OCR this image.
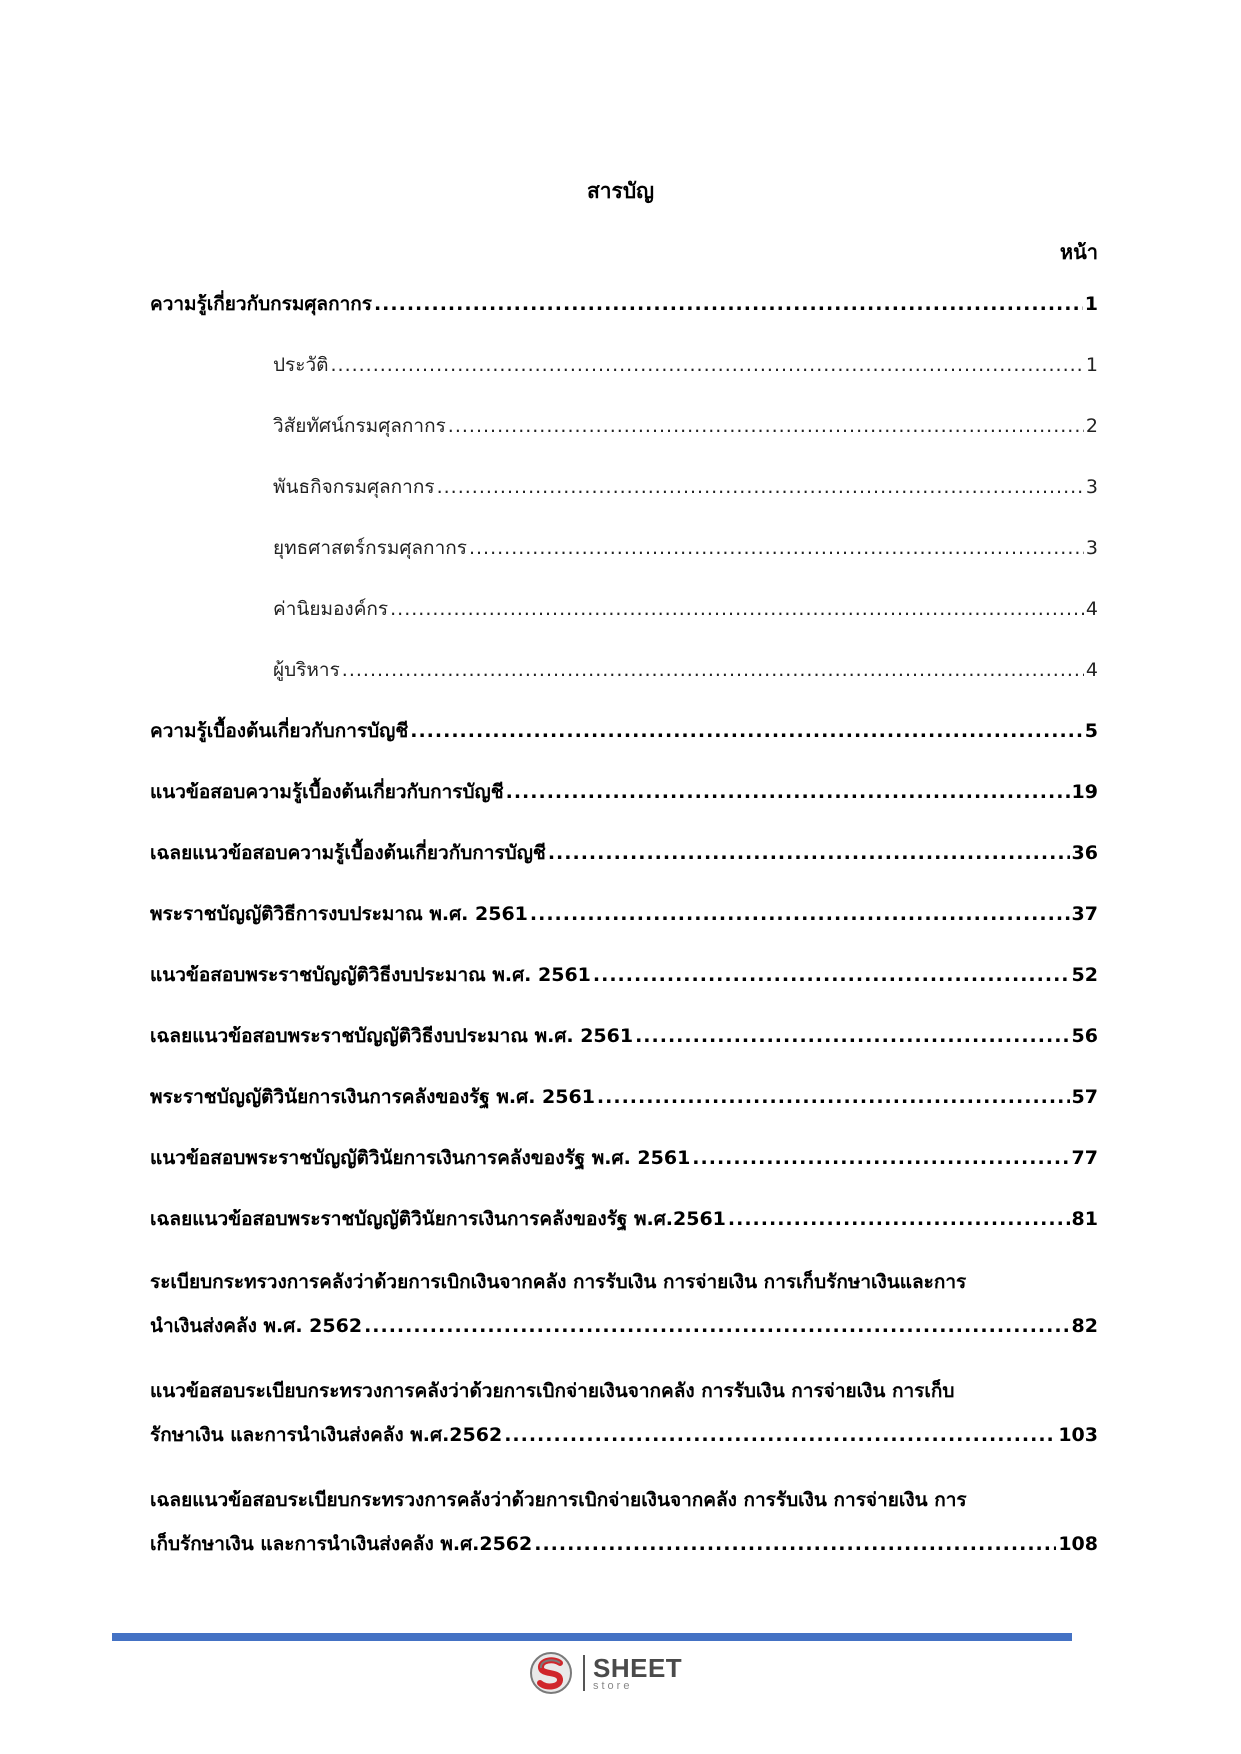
สารบัญ
หน้า
ความรู้เกี่ยวกับกรมศุลกากร .....	1
ประวัติ .....	1
วิสัยทัศน์กรมศุลกากร .....	2
พันธกิจกรมศุลกากร .....	3
ยุทธศาสตร์กรมศุลกากร .....	3
ค่านิยมองค์กร .....	4
ผู้บริหาร .....	4
ความรู้เบื้องต้นเกี่ยวกับการบัญชี .....	5
แนวข้อสอบความรู้เบื้องต้นเกี่ยวกับการบัญชี .....	19
เฉลยแนวข้อสอบความรู้เบื้องต้นเกี่ยวกับการบัญชี .....	36
พระราชบัญญัติวิธีการงบประมาณ พ.ศ. 2561 .....	37
แนวข้อสอบพระราชบัญญัติวิธีงบประมาณ พ.ศ. 2561 .....	52
เฉลยแนวข้อสอบพระราชบัญญัติวิธีงบประมาณ พ.ศ. 2561 .....	56
พระราชบัญญัติวินัยการเงินการคลังของรัฐ พ.ศ. 2561 .....	57
แนวข้อสอบพระราชบัญญัติวินัยการเงินการคลังของรัฐ พ.ศ. 2561 .....	77
เฉลยแนวข้อสอบพระราชบัญญัติวินัยการเงินการคลังของรัฐ พ.ศ.2561 .....	81
ระเบียบกระทรวงการคลังว่าด้วยการเบิกเงินจากคลัง การรับเงิน การจ่ายเงิน การเก็บรักษาเงินและการ
นำเงินส่งคลัง พ.ศ. 2562 .....	82
แนวข้อสอบระเบียบกระทรวงการคลังว่าด้วยการเบิกจ่ายเงินจากคลัง การรับเงิน การจ่ายเงิน การเก็บ
รักษาเงิน และการนำเงินส่งคลัง พ.ศ.2562 .....	103
เฉลยแนวข้อสอบระเบียบกระทรวงการคลังว่าด้วยการเบิกจ่ายเงินจากคลัง การรับเงิน การจ่ายเงิน การ
เก็บรักษาเงิน และการนำเงินส่งคลัง พ.ศ.2562 .....	108
SHEET
store
